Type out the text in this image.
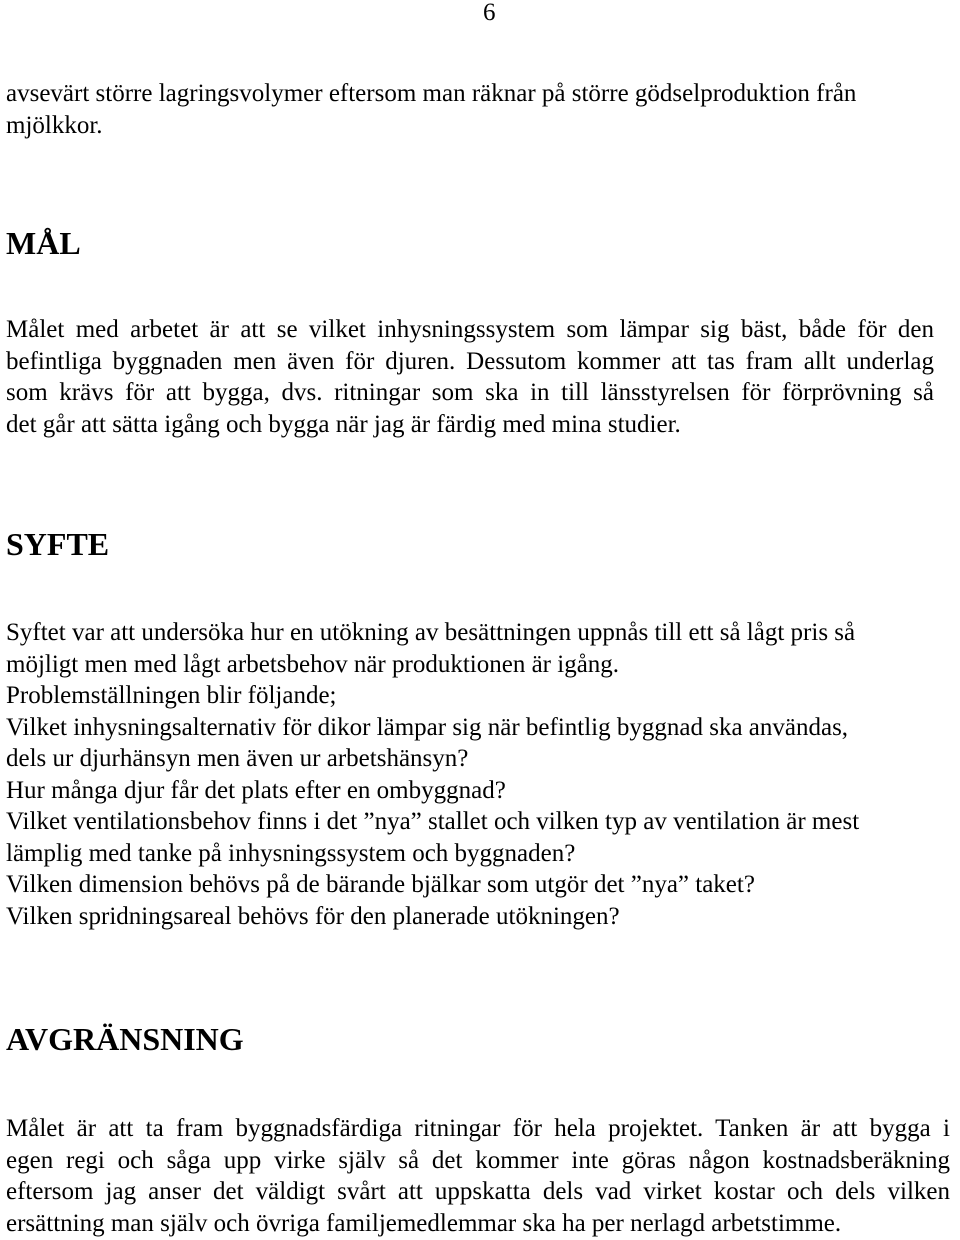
6
avsevärt större lagringsvolymer eftersom man räknar på större gödselproduktion från
mjölkkor.
MÅL
Målet med arbetet är att se vilket inhysningssystem som lämpar sig bäst, både för den
befintliga byggnaden men även för djuren. Dessutom kommer att tas fram allt underlag
som krävs för att bygga, dvs. ritningar som ska in till länsstyrelsen för förprövning så
det går att sätta igång och bygga när jag är färdig med mina studier.
SYFTE
Syftet var att undersöka hur en utökning av besättningen uppnås till ett så lågt pris så
möjligt men med lågt arbetsbehov när produktionen är igång.
Problemställningen blir följande;
Vilket inhysningsalternativ för dikor lämpar sig när befintlig byggnad ska användas,
dels ur djurhänsyn men även ur arbetshänsyn?
Hur många djur får det plats efter en ombyggnad?
Vilket ventilationsbehov finns i det ”nya” stallet och vilken typ av ventilation är mest
lämplig med tanke på inhysningssystem och byggnaden?
Vilken dimension behövs på de bärande bjälkar som utgör det ”nya” taket?
Vilken spridningsareal behövs för den planerade utökningen?
AVGRÄNSNING
Målet är att ta fram byggnadsfärdiga ritningar för hela projektet. Tanken är att bygga i
egen regi och såga upp virke själv så det kommer inte göras någon kostnadsberäkning
eftersom jag anser det väldigt svårt att uppskatta dels vad virket kostar och dels vilken
ersättning man själv och övriga familjemedlemmar ska ha per nerlagd arbetstimme.
